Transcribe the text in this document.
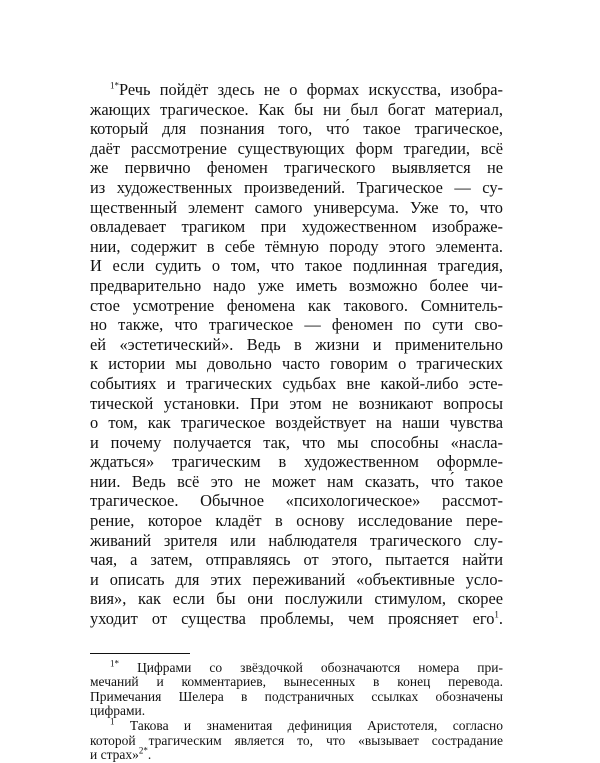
$^{1*}$Речь пойдёт здесь не о формах искусства, изобра-
жающих трагическое. Как бы ни был богат материал,
который для познания того, что́ такое трагическое,
даёт рассмотрение существующих форм трагедии, всё
же первично феномен трагического выявляется не
из художественных произведений. Трагическое — су-
щественный элемент самого универсума. Уже то, что
овладевает трагиком при художественном изображе-
нии, содержит в себе тёмную породу этого элемента.
И если судить о том, что такое подлинная трагедия,
предварительно надо уже иметь возможно более чи-
стое усмотрение феномена как такового. Сомнитель-
но также, что трагическое — феномен по сути сво-
ей «эстетический». Ведь в жизни и применительно
к истории мы довольно часто говорим о трагических
событиях и трагических судьбах вне какой-либо эсте-
тической установки. При этом не возникают вопросы
о том, как трагическое воздействует на наши чувства
и почему получается так, что мы способны «насла-
ждаться» трагическим в художественном оформле-
нии. Ведь всё это не может нам сказать, что́ такое
трагическое. Обычное «психологическое» рассмот-
рение, которое кладёт в основу исследование пере-
живаний зрителя или наблюдателя трагического слу-
чая, а затем, отправляясь от этого, пытается найти
и описать для этих переживаний «объективные усло-
вия», как если бы они послужили стимулом, скорее
уходит от существа проблемы, чем проясняет его$^1$.
$^{1*}$ Цифрами со звёздочкой обозначаются номера при-
мечаний и комментариев, вынесенных в конец перевода.
Примечания Шелера в подстраничных ссылках обозначены
цифрами.
$^1$ Такова и знаменитая дефиниция Аристотеля, согласно
которой трагическим является то, что «вызывает сострадание
и страх»$^{2*}$.
